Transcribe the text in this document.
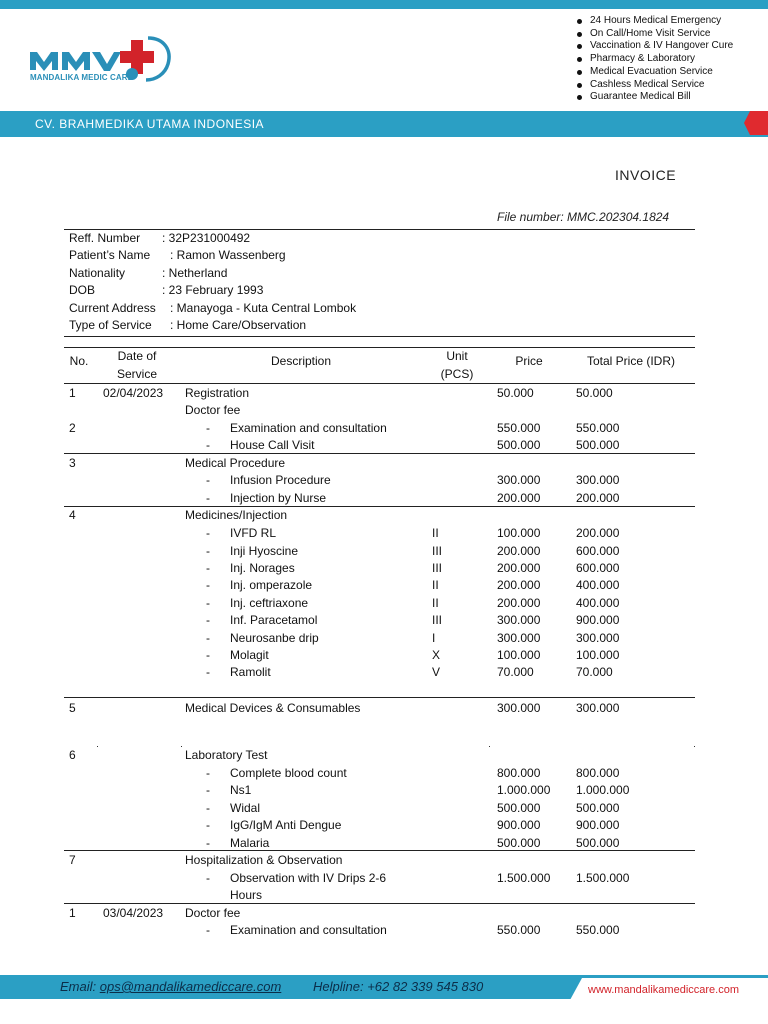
MANDALIKA MEDIC CARE
24 Hours Medical Emergency
On Call/Home Visit Service
Vaccination & IV Hangover Cure
Pharmacy & Laboratory
Medical Evacuation Service
Cashless Medical Service
Guarantee Medical Bill
CV. BRAHMEDIKA UTAMA INDONESIA
INVOICE
File number: MMC.202304.1824
Reff. Number : 32P231000492
Patient’s Name : Ramon Wassenberg
Nationality	: Netherland
DOB	: 23 February 1993
Current Address : Manayoga - Kuta Central Lombok
Type of Service : Home Care/Observation
No.	Date of
Service
Description	Unit
(PCS)
Price	Total Price (IDR)
1 02/04/2023 Registration	50.000	50.000
Doctor fee
2	- Examination and consultation	550.000	550.000
- House Call Visit	500.000	500.000
3	Medical Procedure
- Infusion Procedure	300.000	300.000
- Injection by Nurse	200.000	200.000
4	Medicines/Injection
- IVFD RL	II	100.000	200.000
- Inji Hyoscine	III	200.000	600.000
- Inj. Norages	III	200.000	600.000
- Inj. omperazole	II	200.000	400.000
- Inj. ceftriaxone	II	200.000	400.000
- Inf. Paracetamol	III	300.000	900.000
- Neurosanbe drip	I	300.000	300.000
- Molagit	X	100.000	100.000
- Ramolit	V	70.000	70.000
5	Medical Devices & Consumables	300.000	300.000
6	Laboratory Test
- Complete blood count	800.000	800.000
- Ns1	1.000.000 1.000.000
- Widal	500.000	500.000
- IgG/IgM Anti Dengue	900.000	900.000
- Malaria	500.000	500.000
7	Hospitalization & Observation
- Observation with IV Drips 2-6	1.500.000 1.500.000
Hours
1 03/04/2023 Doctor fee
- Examination and consultation	550.000	550.000
Email: ops@mandalikamediccare.com Helpline: +62 82 339 545 830	www.mandalikamediccare.com
